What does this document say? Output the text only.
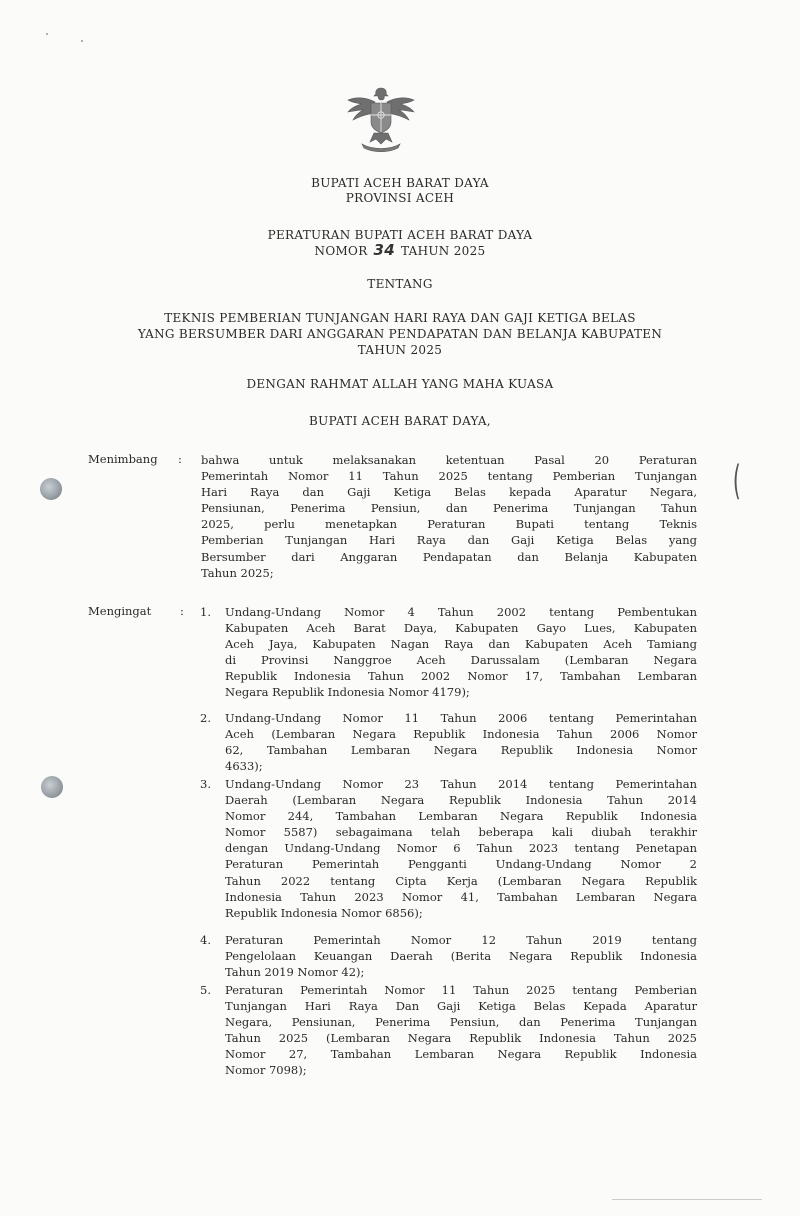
BUPATI ACEH BARAT DAYA
PROVINSI ACEH
PERATURAN BUPATI ACEH BARAT DAYA
NOMOR 34 TAHUN 2025
TENTANG
TEKNIS PEMBERIAN TUNJANGAN HARI RAYA DAN GAJI KETIGA BELAS
YANG BERSUMBER DARI ANGGARAN PENDAPATAN DAN BELANJA KABUPATEN
TAHUN 2025
DENGAN RAHMAT ALLAH YANG MAHA KUASA
BUPATI ACEH BARAT DAYA,
Menimbang : bahwa untuk melaksanakan ketentuan Pasal 20 Peraturan
Pemerintah Nomor 11 Tahun 2025 tentang Pemberian Tunjangan
Hari Raya dan Gaji Ketiga Belas kepada Aparatur Negara,
Pensiunan, Penerima Pensiun, dan Penerima Tunjangan Tahun
2025, perlu menetapkan Peraturan Bupati tentang Teknis
Pemberian Tunjangan Hari Raya dan Gaji Ketiga Belas yang
Bersumber dari Anggaran Pendapatan dan Belanja Kabupaten
Tahun 2025;
Mengingat : 1.	Undang-Undang Nomor 4 Tahun 2002 tentang Pembentukan
Kabupaten Aceh Barat Daya, Kabupaten Gayo Lues, Kabupaten
Aceh Jaya, Kabupaten Nagan Raya dan Kabupaten Aceh Tamiang
di Provinsi Nanggroe Aceh Darussalam (Lembaran Negara
Republik Indonesia Tahun 2002 Nomor 17, Tambahan Lembaran
Negara Republik Indonesia Nomor 4179);
2.	Undang-Undang Nomor 11 Tahun 2006 tentang Pemerintahan
Aceh (Lembaran Negara Republik Indonesia Tahun 2006 Nomor
62, Tambahan Lembaran Negara Republik Indonesia Nomor
4633);
3.	Undang-Undang Nomor 23 Tahun 2014 tentang Pemerintahan
Daerah (Lembaran Negara Republik Indonesia Tahun 2014
Nomor 244, Tambahan Lembaran Negara Republik Indonesia
Nomor 5587) sebagaimana telah beberapa kali diubah terakhir
dengan Undang-Undang Nomor 6 Tahun 2023 tentang Penetapan
Peraturan Pemerintah Pengganti Undang-Undang Nomor 2
Tahun 2022 tentang Cipta Kerja (Lembaran Negara Republik
Indonesia Tahun 2023 Nomor 41, Tambahan Lembaran Negara
Republik Indonesia Nomor 6856);
4.	Peraturan Pemerintah Nomor 12 Tahun 2019 tentang
Pengelolaan Keuangan Daerah (Berita Negara Republik Indonesia
Tahun 2019 Nomor 42);
5.	Peraturan Pemerintah Nomor 11 Tahun 2025 tentang Pemberian
Tunjangan Hari Raya Dan Gaji Ketiga Belas Kepada Aparatur
Negara, Pensiunan, Penerima Pensiun, dan Penerima Tunjangan
Tahun 2025 (Lembaran Negara Republik Indonesia Tahun 2025
Nomor 27, Tambahan Lembaran Negara Republik Indonesia
Nomor 7098);
(
